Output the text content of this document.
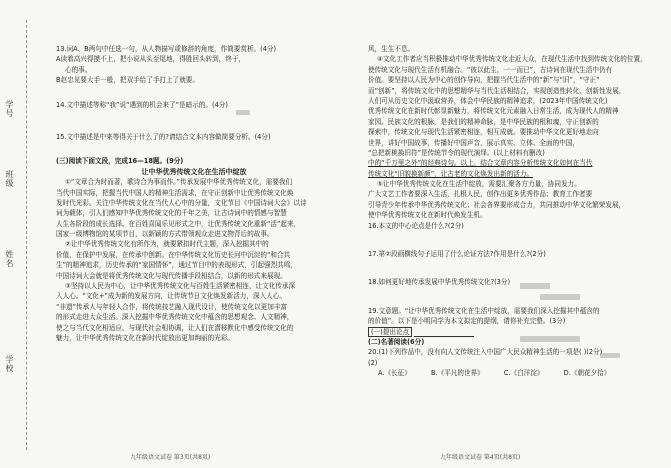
学号
班级
姓名
学校
13.词A、B两句中任选一句，从人物描写或修辞的角度，作简要赏析。(4分)
A读着高兴得摸不上，把小说从头至尾地，得胜回头转到，终于，
心的事。
B赵忠见要大手一般，把双手给了手打上了就要。
14.文中描述等称“我”说“遇到的机会来了”是暗示的。(4分)
15.文中描述是中来等得关于什么了的?请结合文本内容做简要分析。(4分)
(三)阅读下面文段，完成16—18题。(9分)
让中华优秀传统文化在生活中绽放
①“文章合为时而著，歌诗合为事而作。”传承发展中华优秀传统文化，需要我们
当代中国实际，把握当代中国人的精神生活需求，在守正创新中让优秀传统文化焕
发时代光彩。关注中华传统文化在当代人心中的分量，文化节目《中国诗词大会》以诗
词为载体，引人们感知中华优秀传统文化的千年之美，让古诗词中的情感与智慧
人生各阶段的成长选择。在百姓喜闻乐见形式之中，让优秀传统文化重新“活”起来，
国家一级博物馆的某项节目，以新颖的方式带领观众走进文物背后的故事。
②让中华优秀传统文化有所作为，就要紧扣时代主题，深入挖掘其中的
价值，在保护中发展，在传承中创新。在中华传统文化历史长河中沉淀的“和合共
生”的精神追求，历史传承的“家国情怀”，通过节目中的表现形式，引起强烈共鸣，
中国诗词大会就是将优秀传统文化与现代传播手段相结合，以新的形式来展现。
③坚持以人民为中心，让中华优秀传统文化与百姓生活紧密相连，让文化传承深
入人心。“文化+”成为新的发展方向，让传统节日文化焕发新活力，深入人心。
“非遗”传承人与年轻人合作，将传统技艺融入现代设计，使传统文化以更加丰富
的形式走进大众生活。深入挖掘中华优秀传统文化中蕴含的思想观念、人文精神，
使之与当代文化相适应、与现代社会相协调，让人们在潜移默化中感受传统文化的
魅力，让中华优秀传统文化在新时代绽放出更加绚丽的光彩。
风，生生不息。
④文化工作者应当积极推动中华优秀传统文化走近大众，在现代生活中找到传统文化的位置，
使传统文化与现代生活有机融合。“彼以此生，一一而已”，古诗词在现代生活中仍有
价值。要坚持以人民为中心的创作导向，把握当代生活中的“新”与“旧”，“守正”
而“创新”，将传统文化中的思想精华与当代生活相结合，实现创造性转化、创新性发展，
人们可从历史文化中汲取营养，体会中华民族的精神追求，(2023年中国传统文化)
优秀传统文化在新时代彰显新魅力，将传统文化元素融入日常生活，成为现代人的精神
家园。民族文化的根脉，是我们的精神命脉，是中华民族的根和魂，守正创新的
探索中，传统文化与现代生活紧密相连，相互成就。要推动中华文化更好地走向
世界，讲好中国故事，传播好中国声音，展示真实、立体、全面的中国，
“总把新桃换旧符”是传统节令的现代演绎。(以上材料有删改)
中的“千万里之外”的经典诗句。以上，结合文章内容分析传统文化如何在当代
传统文化“旧貌换新颜”，让古老的文化焕发出新的活力。
⑤让中华优秀传统文化在生活中绽放，需要汇聚各方力量，协同发力。
广大文艺工作者要深入生活，扎根人民，创作出更多优秀作品；教育工作者要
引导青少年传承中华优秀传统文化；社会各界要形成合力，共同推动中华文化繁荣发展，
使中华优秀传统文化在新时代焕发生机。
16.本文的中心论点是什么?(2分)
17.第②段画横线句子运用了什么论证方法?作用是什么?(2分)
18.如何更好地传承发展中华优秀传统文化?(3分)
19.文意题。“让中华优秀传统文化在生活中绽放，需要我们深入挖掘其中蕴含的
的价值”。以下是小明同学为本文拟定的提纲，请你补充完整。(3分)
(一)提出论点
(二)名著阅读(6分)
20.(1)下列作品中，没有向人文传统注入中国广大民众精神生活的一项是( )(2分)
(2)
A.《长征》	B.《平凡的世界》	C.《白洋淀》	D.《朝花夕拾》
九年级语文试卷 第3页(共8页)	九年级语文试卷 第4页(共8页)
